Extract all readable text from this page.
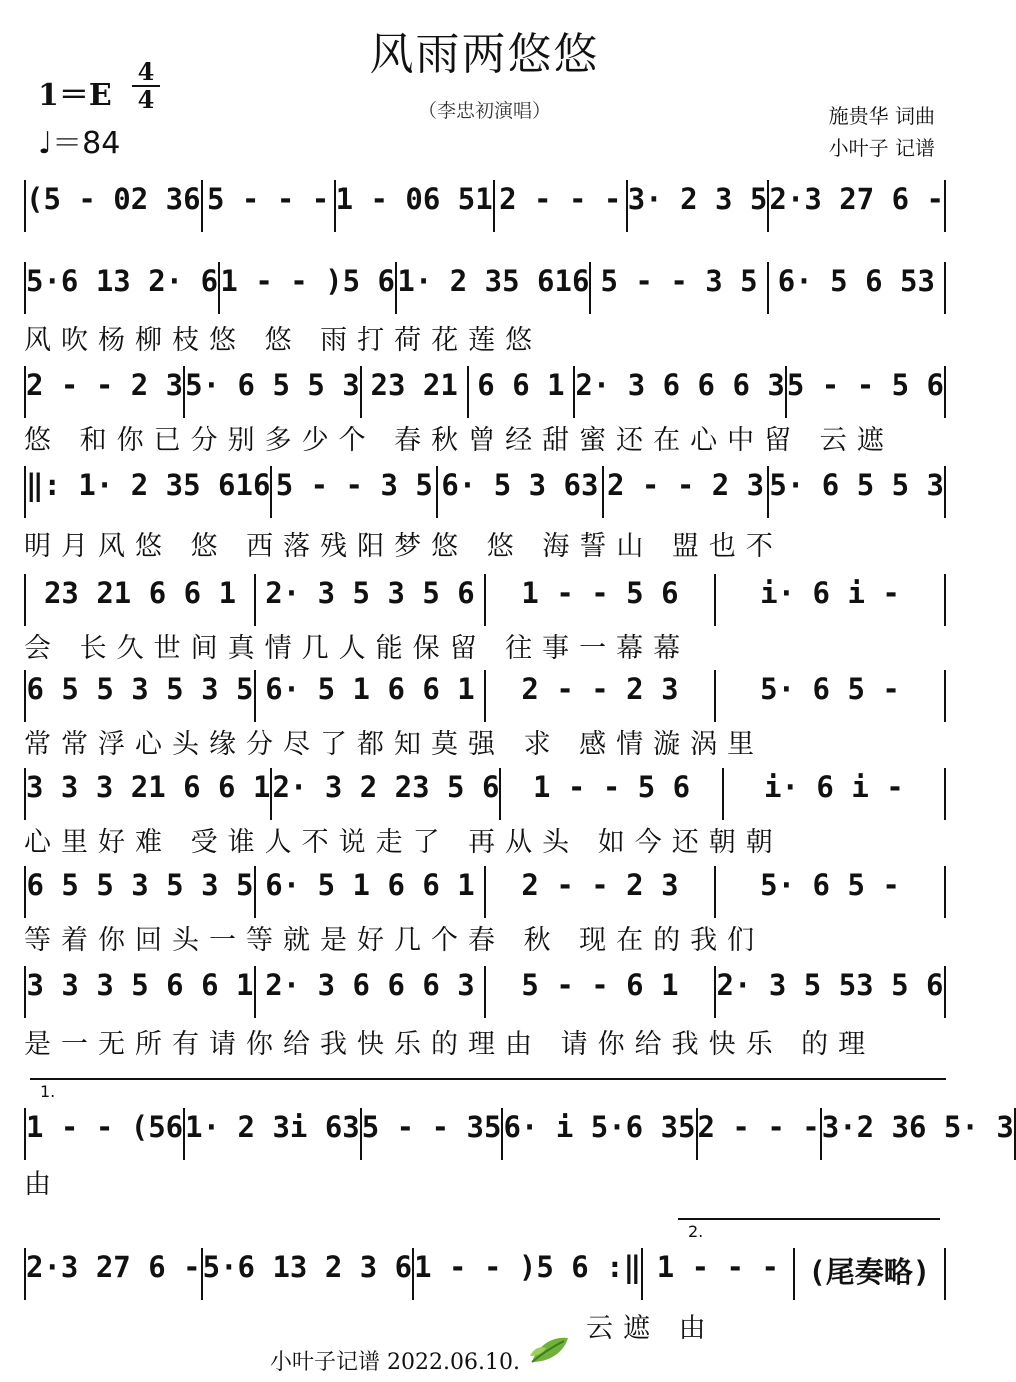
风雨两悠悠
（李忠初演唱）
1＝E
4
4
♩＝84
施贵华 词曲
小叶子 记谱
(5 - 02 36 5 - - - 1 - 06 51 2 - - - 3· 2 3 5 2·3 27 6 -
5·6 13 2· 6 1 - - )5 6 1· 2 35 616 5 - - 3 5 6· 5 6 53
风吹杨柳枝悠 悠 雨打荷花莲悠
2 - - 2 3 5· 6 5 5 3 23 21 6 6 1 2· 3 6 6 6 3 5 - - 5 6
悠 和你已分别多少个 春秋曾经甜蜜还在心中留 云遮
‖: 1· 2 35 616 5 - - 3 5 6· 5 3 63 2 - - 2 3 5· 6 5 5 3
明月风悠 悠 西落残阳梦悠 悠 海誓山 盟也不
23 21 6 6 1 2· 3 5 3 5 6 1 - - 5 6	i· 6 i -
会 长久世间真情几人能保留 往事一幕幕
6 5 5 3 5 3 5 6· 5 1 6 6 1 2 - - 2 3	5· 6 5 -
常常浮心头缘分尽了都知莫强 求 感情漩涡里
3 3 3 21 6 6 1 2· 3 2 23 5 6 1 - - 5 6	i· 6 i -
心里好难 受谁人不说走了 再从头 如今还朝朝
6 5 5 3 5 3 5 6· 5 1 6 6 1 2 - - 2 3	5· 6 5 -
等着你回头一等就是好几个春 秋 现在的我们
3 3 3 5 6 6 1 2· 3 6 6 6 3 5 - - 6 1 2· 3 5 53 5 6
是一无所有请你给我快乐的理由 请你给我快乐 的理
1.
1 - - (56 1· 2 3i 63 5 - - 35 6· i 5·6 35 2 - - - 3·2 36 5· 3
由
2.
2·3 27 6 - 5·6 13 2 3 6 1 - - )5 6 :‖ 1 - - - (尾奏略)
云遮 由
小叶子记谱 2022.06.10.
